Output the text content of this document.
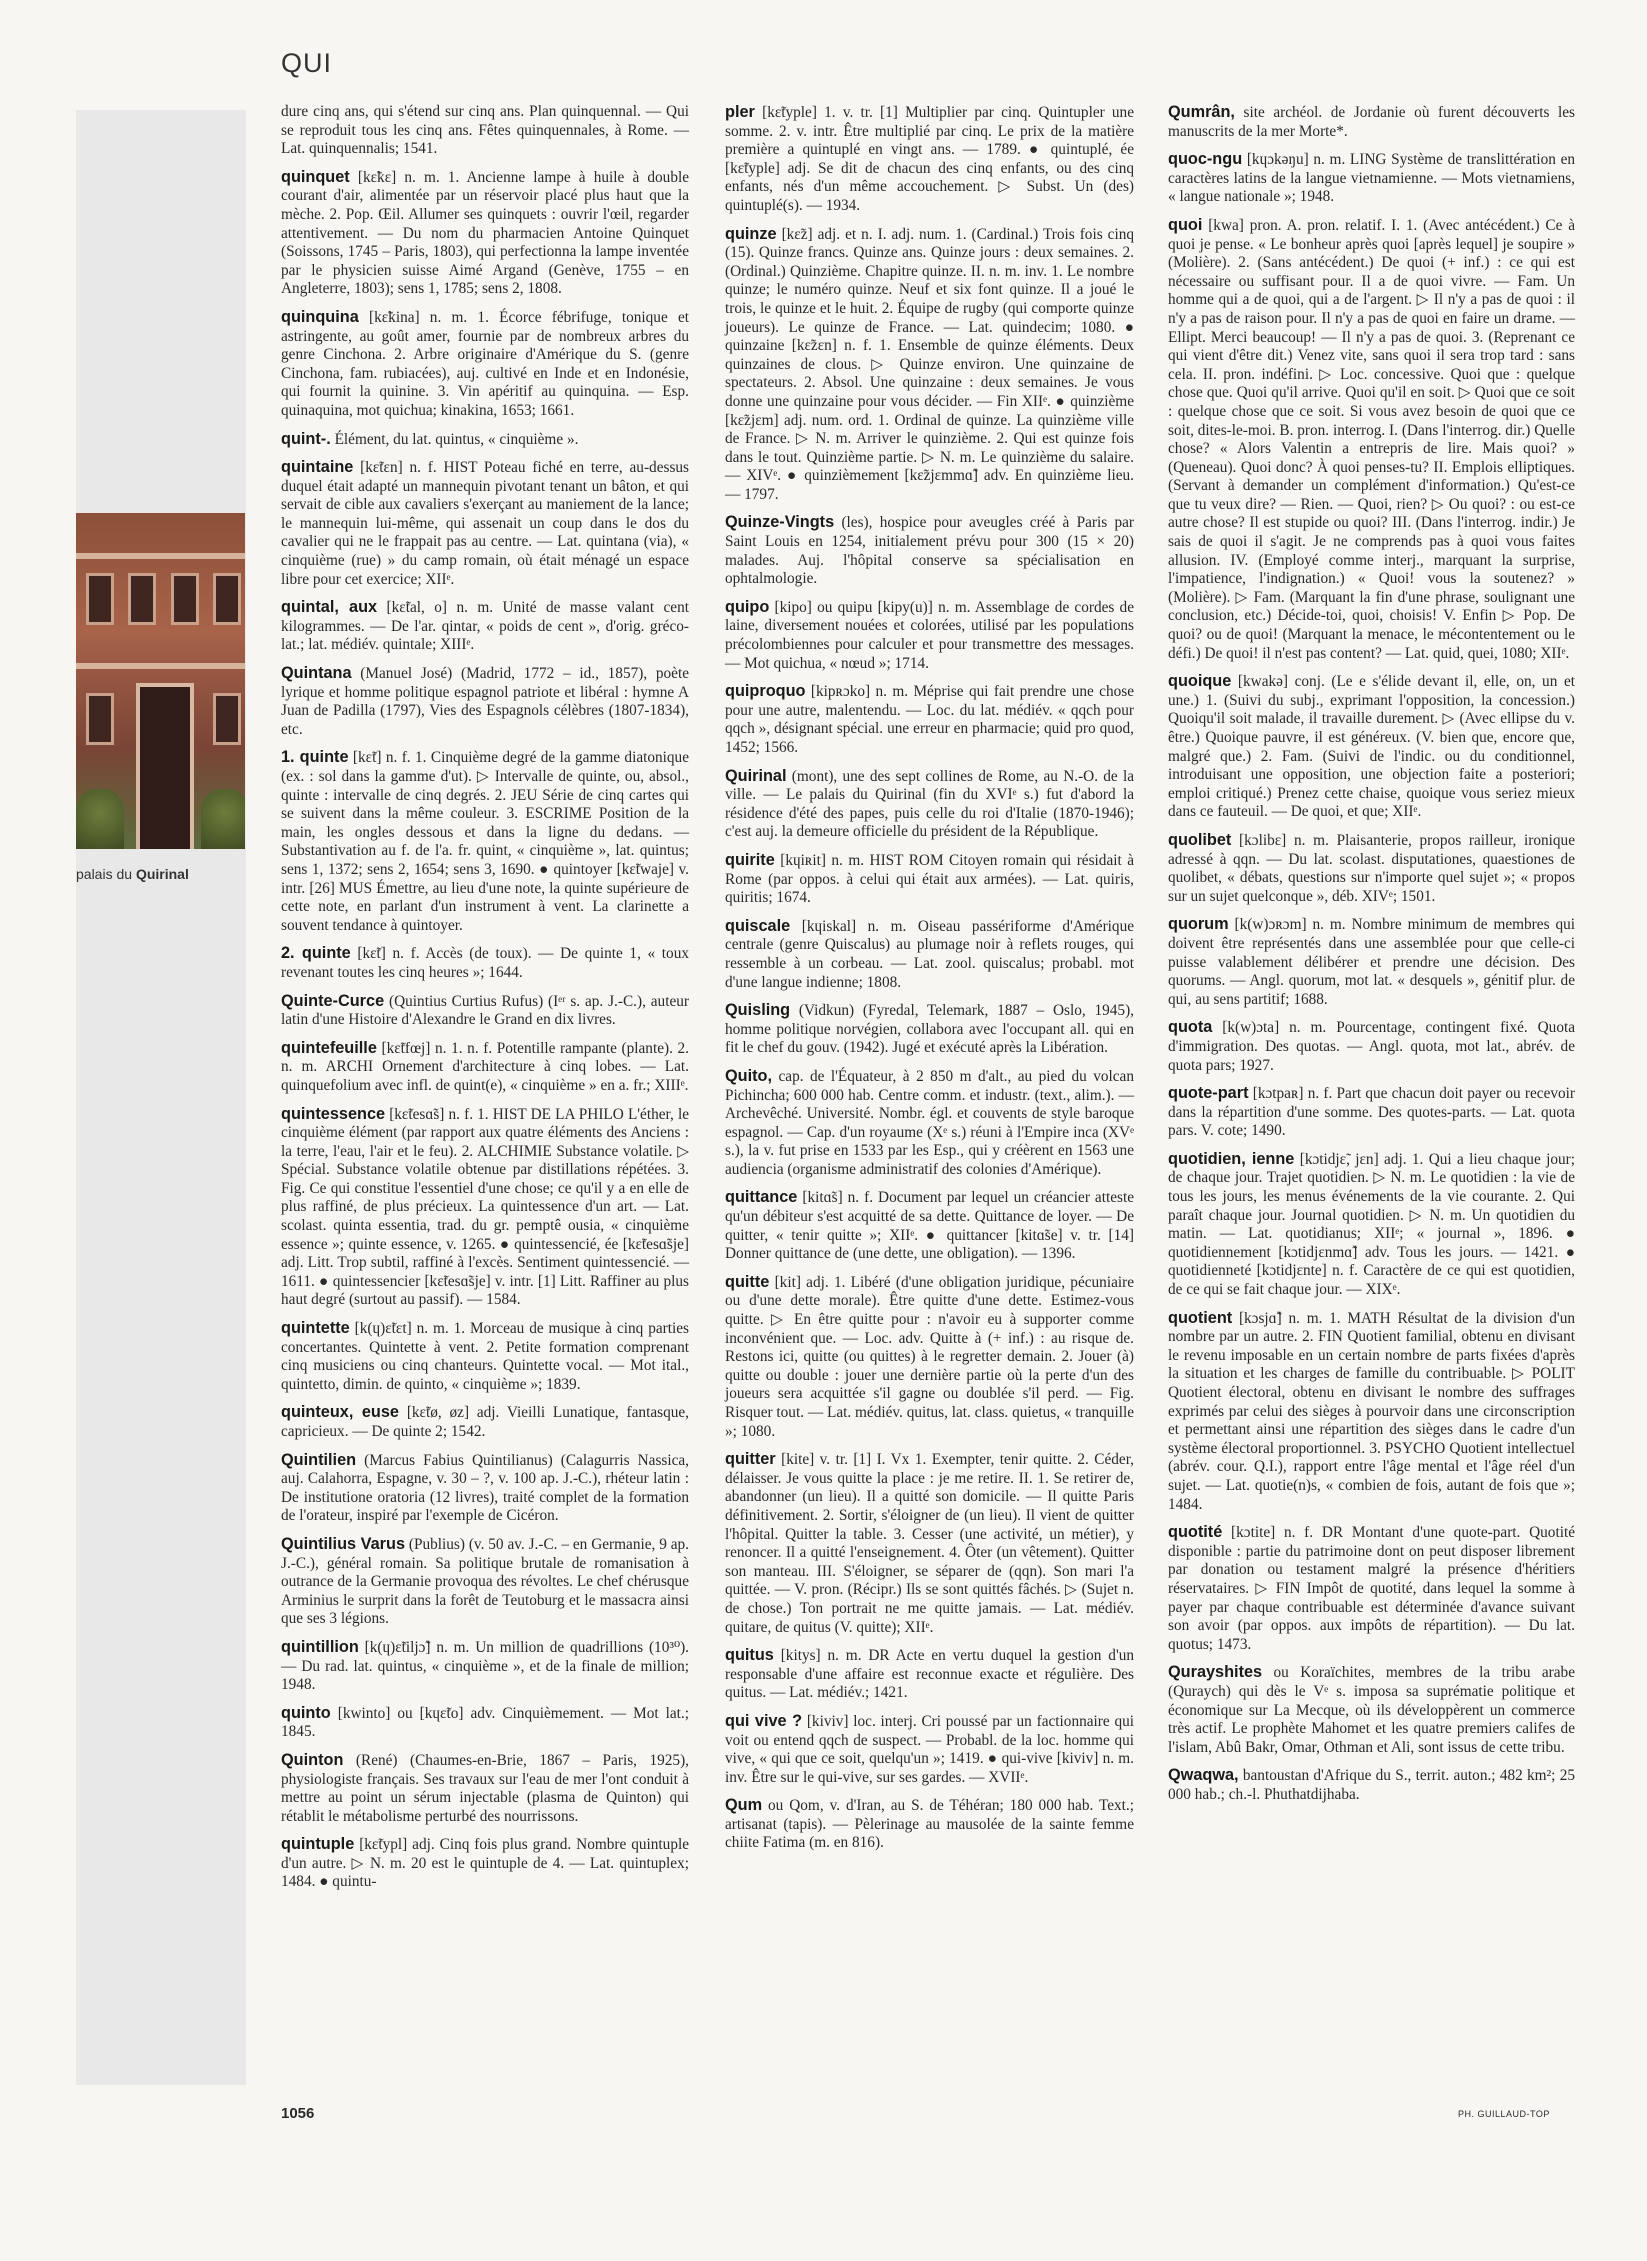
QUI
palais du Quirinal

dure cinq ans, qui s'étend sur cinq ans. Plan quinquennal. — Qui se reproduit tous les cinq ans. Fêtes quinquennales, à Rome. — Lat. quinquennalis; 1541.

quinquet [kɛ̃kɛ] n. m. 1. Ancienne lampe à huile à double courant d'air, alimentée par un réservoir placé plus haut que la mèche. 2. Pop. Œil. Allumer ses quinquets : ouvrir l'œil, regarder attentivement. — Du nom du pharmacien Antoine Quinquet (Soissons, 1745 – Paris, 1803), qui perfectionna la lampe inventée par le physicien suisse Aimé Argand (Genève, 1755 – en Angleterre, 1803); sens 1, 1785; sens 2, 1808.

quinquina [kɛ̃kina] n. m. 1. Écorce fébrifuge, tonique et astringente, au goût amer, fournie par de nombreux arbres du genre Cinchona. 2. Arbre originaire d'Amérique du S. (genre Cinchona, fam. rubiacées), auj. cultivé en Inde et en Indonésie, qui fournit la quinine. 3. Vin apéritif au quinquina. — Esp. quinaquina, mot quichua; kinakina, 1653; 1661.

quint-. Élément, du lat. quintus, « cinquième ».

quintaine [kɛ̃tɛn] n. f. HIST Poteau fiché en terre, au-dessus duquel était adapté un mannequin pivotant tenant un bâton, et qui servait de cible aux cavaliers s'exerçant au maniement de la lance; le mannequin lui-même, qui assenait un coup dans le dos du cavalier qui ne le frappait pas au centre. — Lat. quintana (via), « cinquième (rue) » du camp romain, où était ménagé un espace libre pour cet exercice; XIIᵉ.

quintal, aux [kɛ̃tal, o] n. m. Unité de masse valant cent kilogrammes. — De l'ar. qintar, « poids de cent », d'orig. gréco-lat.; lat. médiév. quintale; XIIIᵉ.

Quintana (Manuel José) (Madrid, 1772 – id., 1857), poète lyrique et homme politique espagnol patriote et libéral : hymne A Juan de Padilla (1797), Vies des Espagnols célèbres (1807-1834), etc.

1. quinte [kɛ̃t] n. f. 1. Cinquième degré de la gamme diatonique (ex. : sol dans la gamme d'ut). ▷ Intervalle de quinte, ou, absol., quinte : intervalle de cinq degrés. 2. JEU Série de cinq cartes qui se suivent dans la même couleur. 3. ESCRIME Position de la main, les ongles dessous et dans la ligne du dedans. — Substantivation au f. de l'a. fr. quint, « cinquième », lat. quintus; sens 1, 1372; sens 2, 1654; sens 3, 1690. ● quintoyer [kɛ̃twaje] v. intr. [26] MUS Émettre, au lieu d'une note, la quinte supérieure de cette note, en parlant d'un instrument à vent. La clarinette a souvent tendance à quintoyer.

2. quinte [kɛ̃t] n. f. Accès (de toux). — De quinte 1, « toux revenant toutes les cinq heures »; 1644.

Quinte-Curce (Quintius Curtius Rufus) (Iᵉʳ s. ap. J.-C.), auteur latin d'une Histoire d'Alexandre le Grand en dix livres.

quintefeuille [kɛ̃tfœj] n. 1. n. f. Potentille rampante (plante). 2. n. m. ARCHI Ornement d'architecture à cinq lobes. — Lat. quinquefolium avec infl. de quint(e), « cinquième » en a. fr.; XIIIᵉ.

quintessence [kɛ̃tesɑ̃s] n. f. 1. HIST DE LA PHILO L'éther, le cinquième élément (par rapport aux quatre éléments des Anciens : la terre, l'eau, l'air et le feu). 2. ALCHIMIE Substance volatile. ▷ Spécial. Substance volatile obtenue par distillations répétées. 3. Fig. Ce qui constitue l'essentiel d'une chose; ce qu'il y a en elle de plus raffiné, de plus précieux. La quintessence d'un art. — Lat. scolast. quinta essentia, trad. du gr. pemptê ousia, « cinquième essence »; quinte essence, v. 1265. ● quintessencié, ée [kɛ̃tesɑ̃sje] adj. Litt. Trop subtil, raffiné à l'excès. Sentiment quintessencié. — 1611. ● quintessencier [kɛ̃tesɑ̃sje] v. intr. [1] Litt. Raffiner au plus haut degré (surtout au passif). — 1584.

quintette [k(ɥ)ɛ̃tɛt] n. m. 1. Morceau de musique à cinq parties concertantes. Quintette à vent. 2. Petite formation comprenant cinq musiciens ou cinq chanteurs. Quintette vocal. — Mot ital., quintetto, dimin. de quinto, « cinquième »; 1839.

quinteux, euse [kɛ̃tø, øz] adj. Vieilli Lunatique, fantasque, capricieux. — De quinte 2; 1542.

Quintilien (Marcus Fabius Quintilianus) (Calagurris Nassica, auj. Calahorra, Espagne, v. 30 – ?, v. 100 ap. J.-C.), rhéteur latin : De institutione oratoria (12 livres), traité complet de la formation de l'orateur, inspiré par l'exemple de Cicéron.

Quintilius Varus (Publius) (v. 50 av. J.-C. – en Germanie, 9 ap. J.-C.), général romain. Sa politique brutale de romanisation à outrance de la Germanie provoqua des révoltes. Le chef chérusque Arminius le surprit dans la forêt de Teutoburg et le massacra ainsi que ses 3 légions.

quintillion [k(ɥ)ɛ̃tiljɔ̃] n. m. Un million de quadrillions (10³⁰). — Du rad. lat. quintus, « cinquième », et de la finale de million; 1948.

quinto [kwinto] ou [kɥɛ̃to] adv. Cinquièmement. — Mot lat.; 1845.

Quinton (René) (Chaumes-en-Brie, 1867 – Paris, 1925), physiologiste français. Ses travaux sur l'eau de mer l'ont conduit à mettre au point un sérum injectable (plasma de Quinton) qui rétablit le métabolisme perturbé des nourrissons.

quintuple [kɛ̃typl] adj. Cinq fois plus grand. Nombre quintuple d'un autre. ▷ N. m. 20 est le quintuple de 4. — Lat. quintuplex; 1484. ● quintu-

pler [kɛ̃typle] 1. v. tr. [1] Multiplier par cinq. Quintupler une somme. 2. v. intr. Être multiplié par cinq. Le prix de la matière première a quintuplé en vingt ans. — 1789. ● quintuplé, ée [kɛ̃typle] adj. Se dit de chacun des cinq enfants, ou des cinq enfants, nés d'un même accouchement. ▷ Subst. Un (des) quintuplé(s). — 1934.

quinze [kɛ̃z] adj. et n. I. adj. num. 1. (Cardinal.) Trois fois cinq (15). Quinze francs. Quinze ans. Quinze jours : deux semaines. 2. (Ordinal.) Quinzième. Chapitre quinze. II. n. m. inv. 1. Le nombre quinze; le numéro quinze. Neuf et six font quinze. Il a joué le trois, le quinze et le huit. 2. Équipe de rugby (qui comporte quinze joueurs). Le quinze de France. — Lat. quindecim; 1080. ● quinzaine [kɛ̃zɛn] n. f. 1. Ensemble de quinze éléments. Deux quinzaines de clous. ▷ Quinze environ. Une quinzaine de spectateurs. 2. Absol. Une quinzaine : deux semaines. Je vous donne une quinzaine pour vous décider. — Fin XIIᵉ. ● quinzième [kɛ̃zjɛm] adj. num. ord. 1. Ordinal de quinze. La quinzième ville de France. ▷ N. m. Arriver le quinzième. 2. Qui est quinze fois dans le tout. Quinzième partie. ▷ N. m. Le quinzième du salaire. — XIVᵉ. ● quinzièmement [kɛ̃zjɛmmɑ̃] adv. En quinzième lieu. — 1797.

Quinze-Vingts (les), hospice pour aveugles créé à Paris par Saint Louis en 1254, initialement prévu pour 300 (15 × 20) malades. Auj. l'hôpital conserve sa spécialisation en ophtalmologie.

quipo [kipo] ou quipu [kipy(u)] n. m. Assemblage de cordes de laine, diversement nouées et colorées, utilisé par les populations précolombiennes pour calculer et pour transmettre des messages. — Mot quichua, « nœud »; 1714.

quiproquo [kipʀɔko] n. m. Méprise qui fait prendre une chose pour une autre, malentendu. — Loc. du lat. médiév. « qqch pour qqch », désignant spécial. une erreur en pharmacie; quid pro quod, 1452; 1566.

Quirinal (mont), une des sept collines de Rome, au N.-O. de la ville. — Le palais du Quirinal (fin du XVIᵉ s.) fut d'abord la résidence d'été des papes, puis celle du roi d'Italie (1870-1946); c'est auj. la demeure officielle du président de la République.

quirite [kɥiʀit] n. m. HIST ROM Citoyen romain qui résidait à Rome (par oppos. à celui qui était aux armées). — Lat. quiris, quiritis; 1674.

quiscale [kɥiskal] n. m. Oiseau passériforme d'Amérique centrale (genre Quiscalus) au plumage noir à reflets rouges, qui ressemble à un corbeau. — Lat. zool. quiscalus; probabl. mot d'une langue indienne; 1808.

Quisling (Vidkun) (Fyredal, Telemark, 1887 – Oslo, 1945), homme politique norvégien, collabora avec l'occupant all. qui en fit le chef du gouv. (1942). Jugé et exécuté après la Libération.

Quito, cap. de l'Équateur, à 2 850 m d'alt., au pied du volcan Pichincha; 600 000 hab. Centre comm. et industr. (text., alim.). — Archevêché. Université. Nombr. égl. et couvents de style baroque espagnol. — Cap. d'un royaume (Xᵉ s.) réuni à l'Empire inca (XVᵉ s.), la v. fut prise en 1533 par les Esp., qui y créèrent en 1563 une audiencia (organisme administratif des colonies d'Amérique).

quittance [kitɑ̃s] n. f. Document par lequel un créancier atteste qu'un débiteur s'est acquitté de sa dette. Quittance de loyer. — De quitter, « tenir quitte »; XIIᵉ. ● quittancer [kitɑ̃se] v. tr. [14] Donner quittance de (une dette, une obligation). — 1396.

quitte [kit] adj. 1. Libéré (d'une obligation juridique, pécuniaire ou d'une dette morale). Être quitte d'une dette. Estimez-vous quitte. ▷ En être quitte pour : n'avoir eu à supporter comme inconvénient que. — Loc. adv. Quitte à (+ inf.) : au risque de. Restons ici, quitte (ou quittes) à le regretter demain. 2. Jouer (à) quitte ou double : jouer une dernière partie où la perte d'un des joueurs sera acquittée s'il gagne ou doublée s'il perd. — Fig. Risquer tout. — Lat. médiév. quitus, lat. class. quietus, « tranquille »; 1080.

quitter [kite] v. tr. [1] I. Vx 1. Exempter, tenir quitte. 2. Céder, délaisser. Je vous quitte la place : je me retire. II. 1. Se retirer de, abandonner (un lieu). Il a quitté son domicile. — Il quitte Paris définitivement. 2. Sortir, s'éloigner de (un lieu). Il vient de quitter l'hôpital. Quitter la table. 3. Cesser (une activité, un métier), y renoncer. Il a quitté l'enseignement. 4. Ôter (un vêtement). Quitter son manteau. III. S'éloigner, se séparer de (qqn). Son mari l'a quittée. — V. pron. (Récipr.) Ils se sont quittés fâchés. ▷ (Sujet n. de chose.) Ton portrait ne me quitte jamais. — Lat. médiév. quitare, de quitus (V. quitte); XIIᵉ.

quitus [kitys] n. m. DR Acte en vertu duquel la gestion d'un responsable d'une affaire est reconnue exacte et régulière. Des quitus. — Lat. médiév.; 1421.

qui vive ? [kiviv] loc. interj. Cri poussé par un factionnaire qui voit ou entend qqch de suspect. — Probabl. de la loc. homme qui vive, « qui que ce soit, quelqu'un »; 1419. ● qui-vive [kiviv] n. m. inv. Être sur le qui-vive, sur ses gardes. — XVIIᵉ.

Qum ou Qom, v. d'Iran, au S. de Téhéran; 180 000 hab. Text.; artisanat (tapis). — Pèlerinage au mausolée de la sainte femme chiite Fatima (m. en 816).

Qumrân, site archéol. de Jordanie où furent découverts les manuscrits de la mer Morte*.

quoc-ngu [kɥɔkəŋu] n. m. LING Système de translittération en caractères latins de la langue vietnamienne. — Mots vietnamiens, « langue nationale »; 1948.

quoi [kwa] pron. A. pron. relatif. I. 1. (Avec antécédent.) Ce à quoi je pense. « Le bonheur après quoi [après lequel] je soupire » (Molière). 2. (Sans antécédent.) De quoi (+ inf.) : ce qui est nécessaire ou suffisant pour. Il a de quoi vivre. — Fam. Un homme qui a de quoi, qui a de l'argent. ▷ Il n'y a pas de quoi : il n'y a pas de raison pour. Il n'y a pas de quoi en faire un drame. — Ellipt. Merci beaucoup! — Il n'y a pas de quoi. 3. (Reprenant ce qui vient d'être dit.) Venez vite, sans quoi il sera trop tard : sans cela. II. pron. indéfini. ▷ Loc. concessive. Quoi que : quelque chose que. Quoi qu'il arrive. Quoi qu'il en soit. ▷ Quoi que ce soit : quelque chose que ce soit. Si vous avez besoin de quoi que ce soit, dites-le-moi. B. pron. interrog. I. (Dans l'interrog. dir.) Quelle chose? « Alors Valentin a entrepris de lire. Mais quoi? » (Queneau). Quoi donc? À quoi penses-tu? II. Emplois elliptiques. (Servant à demander un complément d'information.) Qu'est-ce que tu veux dire? — Rien. — Quoi, rien? ▷ Ou quoi? : ou est-ce autre chose? Il est stupide ou quoi? III. (Dans l'interrog. indir.) Je sais de quoi il s'agit. Je ne comprends pas à quoi vous faites allusion. IV. (Employé comme interj., marquant la surprise, l'impatience, l'indignation.) « Quoi! vous la soutenez? » (Molière). ▷ Fam. (Marquant la fin d'une phrase, soulignant une conclusion, etc.) Décide-toi, quoi, choisis! V. Enfin ▷ Pop. De quoi? ou de quoi! (Marquant la menace, le mécontentement ou le défi.) De quoi! il n'est pas content? — Lat. quid, quei, 1080; XIIᵉ.

quoique [kwakə] conj. (Le e s'élide devant il, elle, on, un et une.) 1. (Suivi du subj., exprimant l'opposition, la concession.) Quoiqu'il soit malade, il travaille durement. ▷ (Avec ellipse du v. être.) Quoique pauvre, il est généreux. (V. bien que, encore que, malgré que.) 2. Fam. (Suivi de l'indic. ou du conditionnel, introduisant une opposition, une objection faite a posteriori; emploi critiqué.) Prenez cette chaise, quoique vous seriez mieux dans ce fauteuil. — De quoi, et que; XIIᵉ.

quolibet [kɔlibɛ] n. m. Plaisanterie, propos railleur, ironique adressé à qqn. — Du lat. scolast. disputationes, quaestiones de quolibet, « débats, questions sur n'importe quel sujet »; « propos sur un sujet quelconque », déb. XIVᵉ; 1501.

quorum [k(w)ɔʀɔm] n. m. Nombre minimum de membres qui doivent être représentés dans une assemblée pour que celle-ci puisse valablement délibérer et prendre une décision. Des quorums. — Angl. quorum, mot lat. « desquels », génitif plur. de qui, au sens partitif; 1688.

quota [k(w)ɔta] n. m. Pourcentage, contingent fixé. Quota d'immigration. Des quotas. — Angl. quota, mot lat., abrév. de quota pars; 1927.

quote-part [kɔtpaʀ] n. f. Part que chacun doit payer ou recevoir dans la répartition d'une somme. Des quotes-parts. — Lat. quota pars. V. cote; 1490.

quotidien, ienne [kɔtidjɛ̃, jɛn] adj. 1. Qui a lieu chaque jour; de chaque jour. Trajet quotidien. ▷ N. m. Le quotidien : la vie de tous les jours, les menus événements de la vie courante. 2. Qui paraît chaque jour. Journal quotidien. ▷ N. m. Un quotidien du matin. — Lat. quotidianus; XIIᵉ; « journal », 1896. ● quotidiennement [kɔtidjɛnmɑ̃] adv. Tous les jours. — 1421. ● quotidienneté [kɔtidjɛnte] n. f. Caractère de ce qui est quotidien, de ce qui se fait chaque jour. — XIXᵉ.

quotient [kɔsjɑ̃] n. m. 1. MATH Résultat de la division d'un nombre par un autre. 2. FIN Quotient familial, obtenu en divisant le revenu imposable en un certain nombre de parts fixées d'après la situation et les charges de famille du contribuable. ▷ POLIT Quotient électoral, obtenu en divisant le nombre des suffrages exprimés par celui des sièges à pourvoir dans une circonscription et permettant ainsi une répartition des sièges dans le cadre d'un système électoral proportionnel. 3. PSYCHO Quotient intellectuel (abrév. cour. Q.I.), rapport entre l'âge mental et l'âge réel d'un sujet. — Lat. quotie(n)s, « combien de fois, autant de fois que »; 1484.

quotité [kɔtite] n. f. DR Montant d'une quote-part. Quotité disponible : partie du patrimoine dont on peut disposer librement par donation ou testament malgré la présence d'héritiers réservataires. ▷ FIN Impôt de quotité, dans lequel la somme à payer par chaque contribuable est déterminée d'avance suivant son avoir (par oppos. aux impôts de répartition). — Du lat. quotus; 1473.

Qurayshites ou Koraïchites, membres de la tribu arabe (Quraych) qui dès le Vᵉ s. imposa sa suprématie politique et économique sur La Mecque, où ils développèrent un commerce très actif. Le prophète Mahomet et les quatre premiers califes de l'islam, Abû Bakr, Omar, Othman et Ali, sont issus de cette tribu.

Qwaqwa, bantoustan d'Afrique du S., territ. auton.; 482 km²; 25 000 hab.; ch.-l. Phuthatdijhaba.

1056	PH. GUILLAUD-TOP
